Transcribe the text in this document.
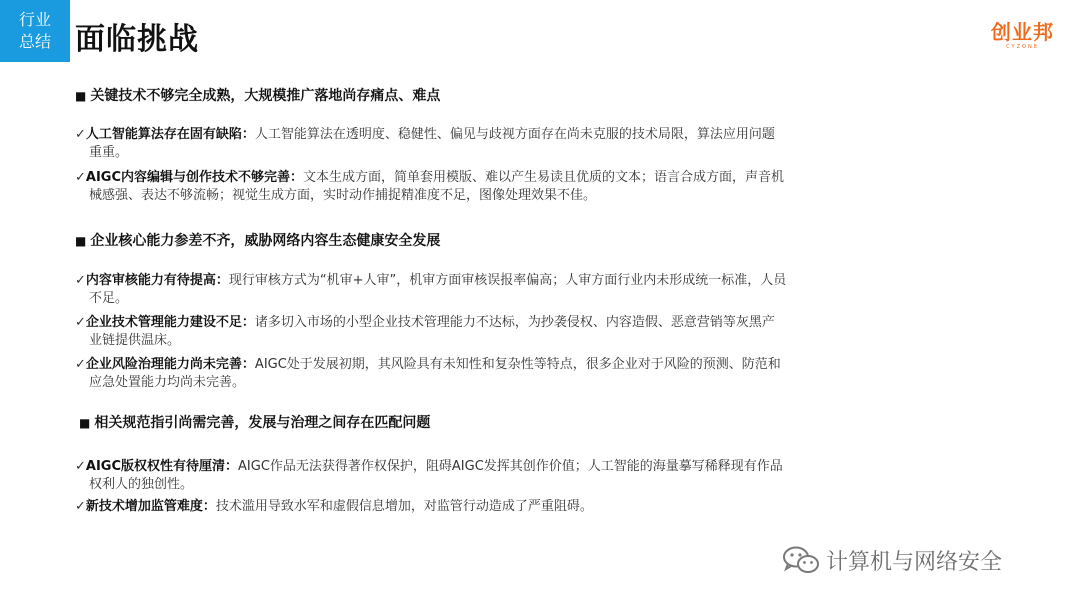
行业
总结 面临挑战	创业邦
CYZONE
■ 关键技术不够完全成熟，大规模推广落地尚存痛点、难点
✓人工智能算法存在固有缺陷：人工智能算法在透明度、稳健性、偏见与歧视方面存在尚未克服的技术局限，算法应用问题
重重。
✓AIGC内容编辑与创作技术不够完善：文本生成方面，简单套用模版、难以产生易读且优质的文本；语言合成方面，声音机
械感强、表达不够流畅；视觉生成方面，实时动作捕捉精准度不足，图像处理效果不佳。
■ 企业核心能力参差不齐，威胁网络内容生态健康安全发展
✓内容审核能力有待提高：现行审核方式为“机审+人审”，机审方面审核误报率偏高；人审方面行业内未形成统一标准，人员
不足。
✓企业技术管理能力建设不足：诸多切入市场的小型企业技术管理能力不达标，为抄袭侵权、内容造假、恶意营销等灰黑产
业链提供温床。
✓企业风险治理能力尚未完善：AIGC处于发展初期，其风险具有未知性和复杂性等特点，很多企业对于风险的预测、防范和
应急处置能力均尚未完善。
■ 相关规范指引尚需完善，发展与治理之间存在匹配问题
✓AIGC版权权性有待厘清：AIGC作品无法获得著作权保护，阻碍AIGC发挥其创作价值；人工智能的海量摹写稀释现有作品
权利人的独创性。
✓新技术增加监管难度：技术滥用导致水军和虚假信息增加，对监管行动造成了严重阻碍。
计算机与网络安全
